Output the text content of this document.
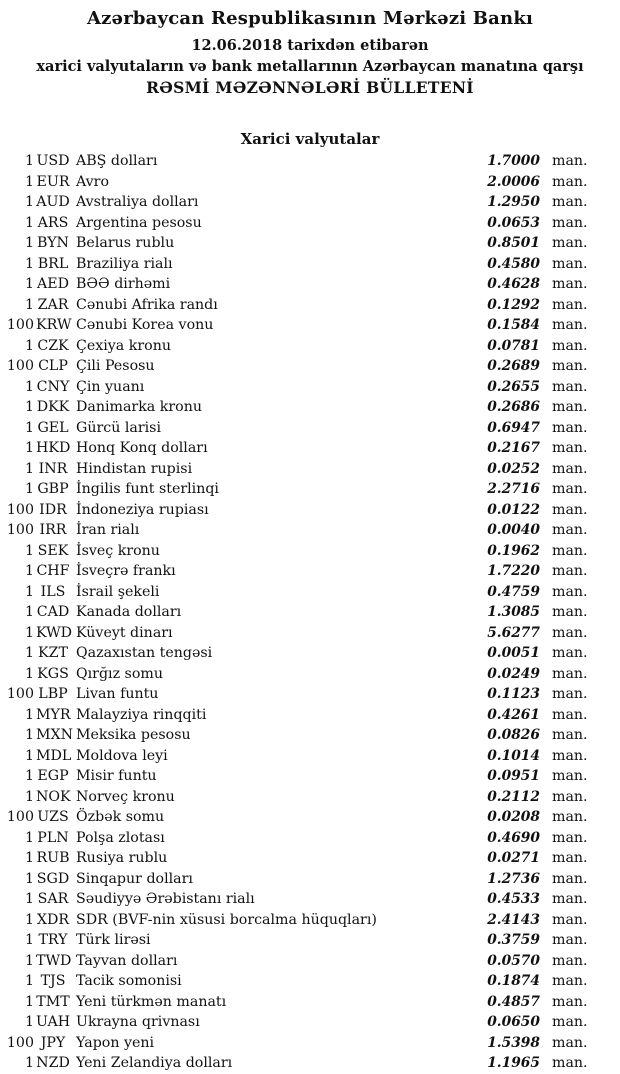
Azərbaycan Respublikasının Mərkəzi Bankı
12.06.2018 tarixdən etibarən
xarici valyutaların və bank metallarının Azərbaycan manatına qarşı
RƏSMİ MƏZƏNNƏLƏRİ BÜLLETENİ
Xarici valyutalar
1 USD ABŞ dolları	1.7000 man.
1 EUR Avro	2.0006 man.
1 AUD Avstraliya dolları	1.2950 man.
1 ARS Argentina pesosu	0.0653 man.
1 BYN Belarus rublu	0.8501 man.
1 BRL Braziliya rialı	0.4580 man.
1 AED BƏƏ dirhəmi	0.4628 man.
1 ZAR Cənubi Afrika randı	0.1292 man.
100 KRW Cənubi Korea vonu	0.1584 man.
1 CZK Çexiya kronu	0.0781 man.
100 CLP Çili Pesosu	0.2689 man.
1 CNY Çin yuanı	0.2655 man.
1 DKK Danimarka kronu	0.2686 man.
1 GEL Gürcü larisi	0.6947 man.
1 HKD Honq Konq dolları	0.2167 man.
1 INR Hindistan rupisi	0.0252 man.
1 GBP İngilis funt sterlinqi	2.2716 man.
100 IDR İndoneziya rupiası	0.0122 man.
100 IRR İran rialı	0.0040 man.
1 SEK İsveç kronu	0.1962 man.
1 CHF İsveçrə frankı	1.7220 man.
1 ILS İsrail şekeli	0.4759 man.
1 CAD Kanada dolları	1.3085 man.
1 KWD Küveyt dinarı	5.6277 man.
1 KZT Qazaxıstan tengəsi	0.0051 man.
1 KGS Qırğız somu	0.0249 man.
100 LBP Livan funtu	0.1123 man.
1 MYR Malayziya rinqqiti	0.4261 man.
1 MXN Meksika pesosu	0.0826 man.
1 MDL Moldova leyi	0.1014 man.
1 EGP Misir funtu	0.0951 man.
1 NOK Norveç kronu	0.2112 man.
100 UZS Özbək somu	0.0208 man.
1 PLN Polşa zlotası	0.4690 man.
1 RUB Rusiya rublu	0.0271 man.
1 SGD Sinqapur dolları	1.2736 man.
1 SAR Səudiyyə Ərəbistanı rialı	0.4533 man.
1 XDR SDR (BVF-nin xüsusi borcalma hüquqları)	2.4143 man.
1 TRY Türk lirəsi	0.3759 man.
1 TWD Tayvan dolları	0.0570 man.
1 TJS Tacik somonisi	0.1874 man.
1 TMT Yeni türkmən manatı	0.4857 man.
1 UAH Ukrayna qrivnası	0.0650 man.
100 JPY Yapon yeni	1.5398 man.
1 NZD Yeni Zelandiya dolları	1.1965 man.
